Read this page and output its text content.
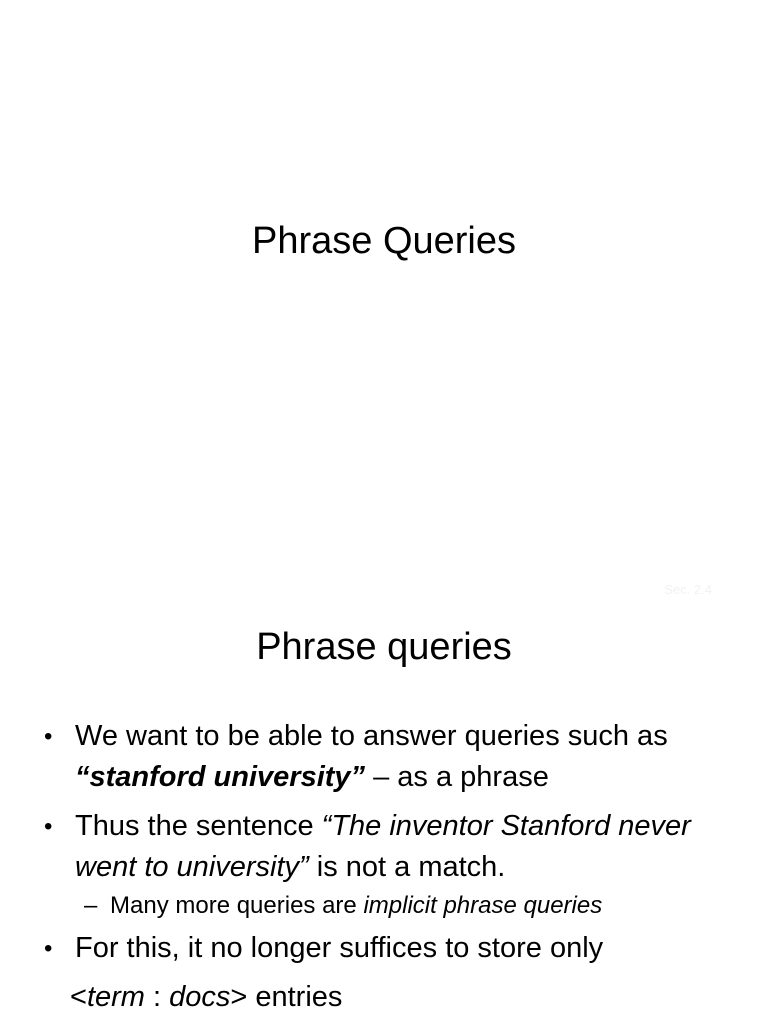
Phrase Queries
Sec. 2.4
Phrase queries
• We want to be able to answer queries such as
“stanford university” – as a phrase
• Thus the sentence “The inventor Stanford never went to university” is not a match.
– Many more queries are implicit phrase queries
• For this, it no longer suffices to store only
<term : docs> entries
